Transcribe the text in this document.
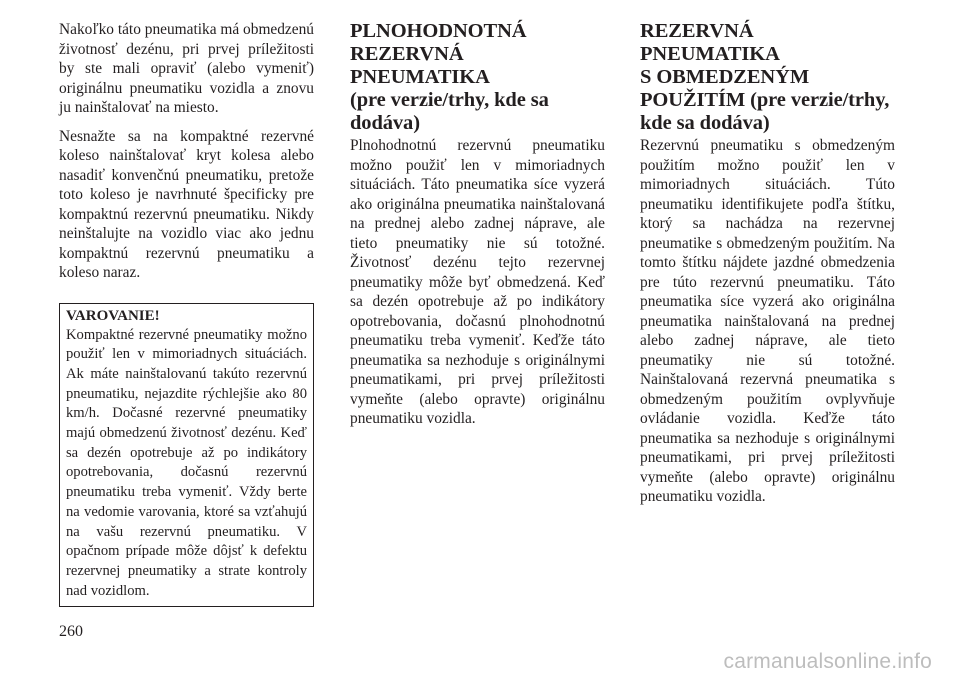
Nakoľko táto pneumatika má obmedzenú životnosť dezénu, pri prvej príležitosti by ste mali opraviť (alebo vymeniť) originálnu pneumatiku vozidla a znovu ju nainštalovať na miesto.

Nesnažte sa na kompaktné rezervné koleso nainštalovať kryt kolesa alebo nasadiť konvenčnú pneumatiku, pretože toto koleso je navrhnuté špecificky pre kompaktnú rezervnú pneumatiku. Nikdy neinštalujte na vozidlo viac ako jednu kompaktnú rezervnú pneumatiku a koleso naraz.

VAROVANIE!

Kompaktné rezervné pneumatiky možno použiť len v mimoriadnych situáciách. Ak máte nainštalovanú takúto rezervnú pneumatiku, nejazdite rýchlejšie ako 80 km/h. Dočasné rezervné pneumatiky majú obmedzenú životnosť dezénu. Keď sa dezén opotrebuje až po indikátory opotrebovania, dočasnú rezervnú pneumatiku treba vymeniť. Vždy berte na vedomie varovania, ktoré sa vzťahujú na vašu rezervnú pneumatiku. V opačnom prípade môže dôjsť k defektu rezervnej pneumatiky a strate kontroly nad vozidlom.

PLNOHODNOTNÁ
REZERVNÁ PNEUMATIKA
(pre verzie/trhy, kde sa dodáva)

Plnohodnotnú rezervnú pneumatiku možno použiť len v mimoriadnych situáciách. Táto pneumatika síce vyzerá ako originálna pneumatika nainštalovaná na prednej alebo zadnej nápravе, ale tieto pneumatiky nie sú totožné. Životnosť dezénu tejto rezervnej pneumatiky môže byť obmedzená. Keď sa dezén opotrebuje až po indikátory opotrebovania, dočasnú plnohodnotnú pneumatiku treba vymeniť. Keďže táto pneumatika sa nezhoduje s originálnymi pneumatikami, pri prvej príležitosti vymeňte (alebo opravte) originálnu pneumatiku vozidla.

REZERVNÁ PNEUMATIKA
S OBMEDZENÝM
POUŽITÍM (pre verzie/trhy,
kde sa dodáva)

Rezervnú pneumatiku s obmedzeným použitím možno použiť len v mimoriadnych situáciách. Túto pneumatiku identifikujete podľa štítku, ktorý sa nachádza na rezervnej pneumatike s obmedzeným použitím. Na tomto štítku nájdete jazdné obmedzenia pre túto rezervnú pneumatiku. Táto pneumatika síce vyzerá ako originálna pneumatika nainštalovaná na prednej alebo zadnej nápravе, ale tieto pneumatiky nie sú totožné. Nainštalovaná rezervná pneumatika s obmedzeným použitím ovplyvňuje ovládanie vozidla. Keďže táto pneumatika sa nezhoduje s originálnymi pneumatikami, pri prvej príležitosti vymeňte (alebo opravte) originálnu pneumatiku vozidla.

260
carmanualsonline.info
